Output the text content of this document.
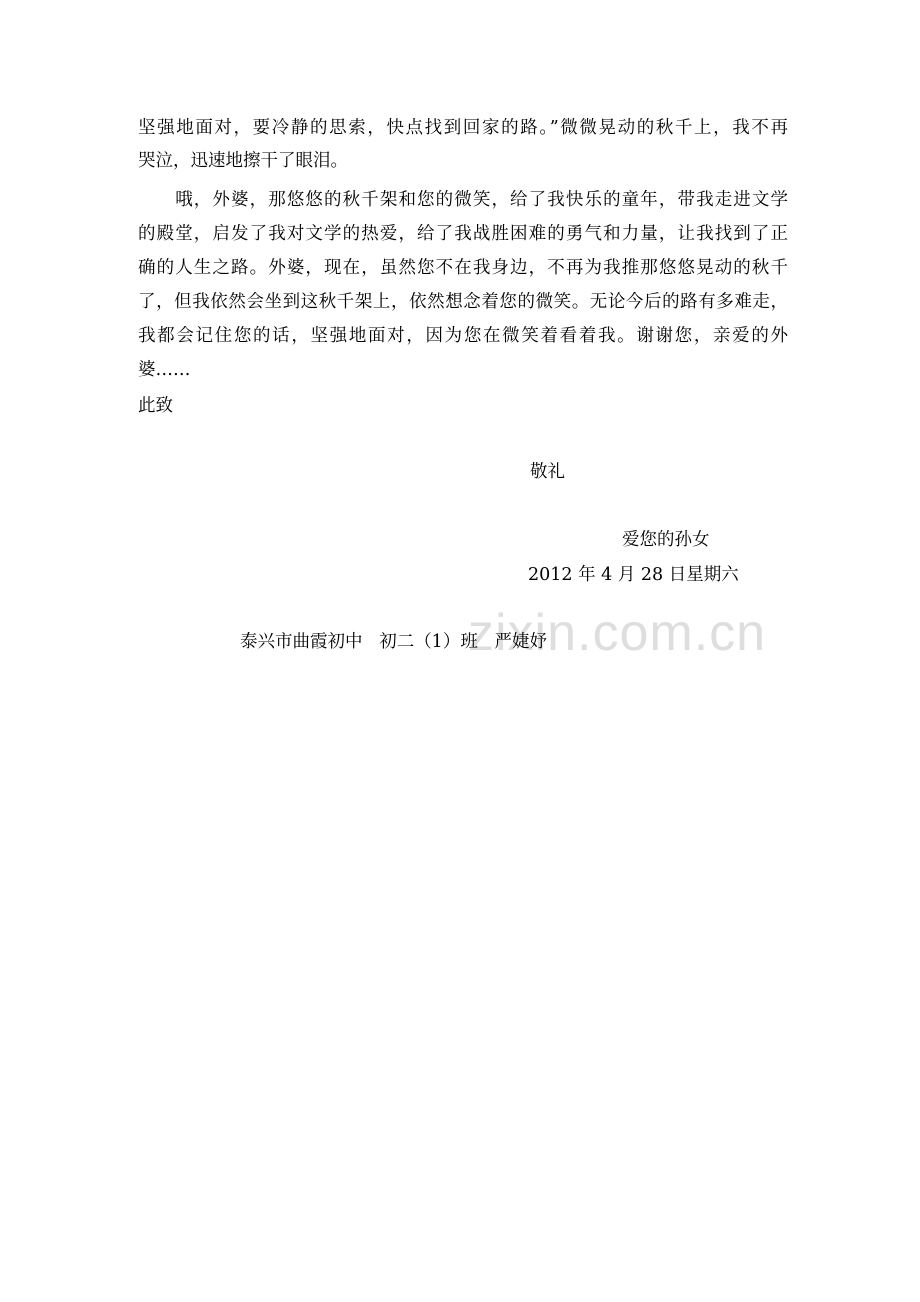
坚强地面对，要冷静的思索，快点找到回家的路。”微微晃动的秋千上，我不再
哭泣，迅速地擦干了眼泪。
　　哦，外婆，那悠悠的秋千架和您的微笑，给了我快乐的童年，带我走进文学
的殿堂，启发了我对文学的热爱，给了我战胜困难的勇气和力量，让我找到了正
确的人生之路。外婆，现在，虽然您不在我身边，不再为我推那悠悠晃动的秋千
了，但我依然会坐到这秋千架上，依然想念着您的微笑。无论今后的路有多难走，
我都会记住您的话，坚强地面对，因为您在微笑着看着我。谢谢您，亲爱的外
婆……
此致
敬礼
爱您的孙女
2012 年 4 月 28 日星期六
zixin.com.cn
泰兴市曲霞初中   初二（1）班   严婕妤
